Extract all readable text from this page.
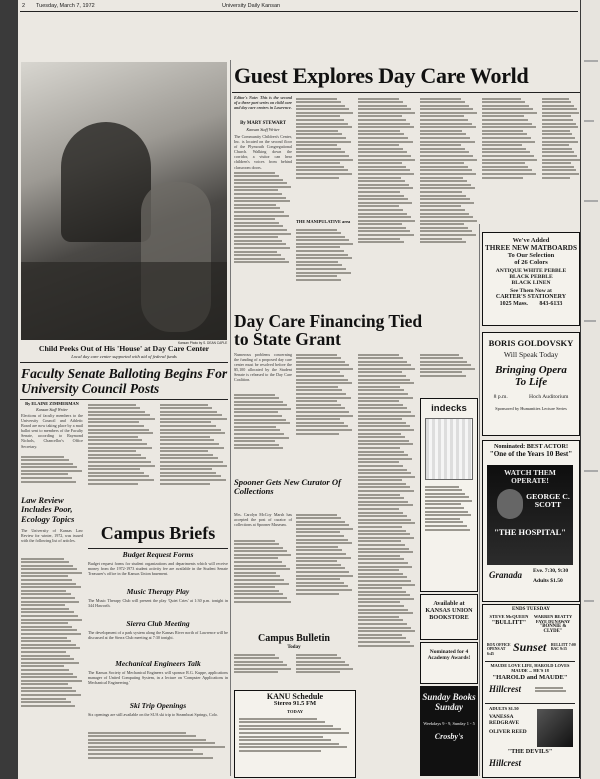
2 Tuesday, March 7, 1972	University Daily Kansan
Kansan Photo by S. DEAN CAPLE
Child Peeks Out of His 'House' at Day Care Center
Local day care center supported with aid of federal funds
Guest Explores Day Care World
Editor's Note: This is the second of a three-part series on child care and day care centers in Lawrence.
By MARY STEWART
Kansan Staff Writer
The Community Children's Center, Inc. is located on the second floor of the Plymouth Congregational Church. Walking down the corridor, a visitor can hear children's voices from behind classroom doors.
THE MANIPULATIVE area
We've Added
THREE NEW MATBOARDS
To Our Selection
of 26 Colors
ANTIQUE WHITE PEBBLE
BLACK PEBBLE
BLACK LINEN
See Them Now at
CARTER'S STATIONERY
1025 Mass. 843-6133
Day Care Financing Tied to State Grant
Numerous problems concerning the funding of a proposed day care center must be resolved before the $5,100 allocated by the Student Senate is released to the Day Care Coalition.
Spooner Gets New Curator Of Collections
Mrs. Carolyn McCoy Marsh has accepted the post of curator of collections at Spooner Museum.
indecks
Available at
KANSAS UNION
BOOKSTORE
Nominated for 4
Academy Awards!
Sunday Books Sunday
Weekdays 9 - 9, Sunday 1 - 5
Crosby's
Faculty Senate Balloting Begins For University Council Posts
By ELAINE ZIMMERMAN
Kansan Staff Writer
Elections of faculty members to the University Council and Athletic Board are now taking place by a mail ballot sent to members of the Faculty Senate, according to Raymond Nichols, Chancellor's Office Secretary.
Law Review Includes Poor, Ecology Topics
The University of Kansas Law Review for winter, 1972, was issued with the following list of articles.	Campus Briefs
Budget Request Forms
Budget request forms for student organizations and departments which will receive money from the 1972-1973 student activity fee are available in the Student Senate Treasurer's office in the Kansas Union basement.
Music Therapy Play
The Music Therapy Club will present the play 'Quiet Cries' at 1:30 p.m. tonight in 344 Haworth.
Sierra Club Meeting
The development of a park system along the Kansas River north of Lawrence will be discussed at the Sierra Club meeting at 7:30 tonight.
Mechanical Engineers Talk
The Kansas Society of Mechanical Engineers will sponsor R.G. Kuppe, applications manager of United Computing System, in a lecture on 'Computer Applications in Mechanical Engineering.'
Ski Trip Openings
Six openings are still available on the SUA ski trip to Steamboat Springs, Colo.
Campus Bulletin
Today
KANU Schedule
Stereo 91.5 FM
TODAY
BORIS GOLDOVSKY
Will Speak Today
Bringing Opera
To Life
8 p.m.	Hoch Auditorium
Sponsored by Humanities Lecture Series
Nominated: BEST ACTOR!
"One of the Years 10 Best"
WATCH THEM OPERATE!
GEORGE C. SCOTT
"THE HOSPITAL"
Granada Eve. 7:30, 9:30
Adults $1.50
ENDS TUESDAY
STEVE McQUEEN
"BULLITT"
WARREN BEATTY
FAYE DUNAWAY
"BONNIE & CLYDE"
BOX OFFICE OPENS AT 6:45	Sunset BULLITT 7:00 BAC 9:15
MAUDE LOVE LIFE, HAROLD LOVES MAUDE ... HE'S 18
"HAROLD and MAUDE"
Hillcrest
ADULTS $1.50
VANESSA REDGRAVE
OLIVER REED
"THE DEVILS"
Hillcrest
